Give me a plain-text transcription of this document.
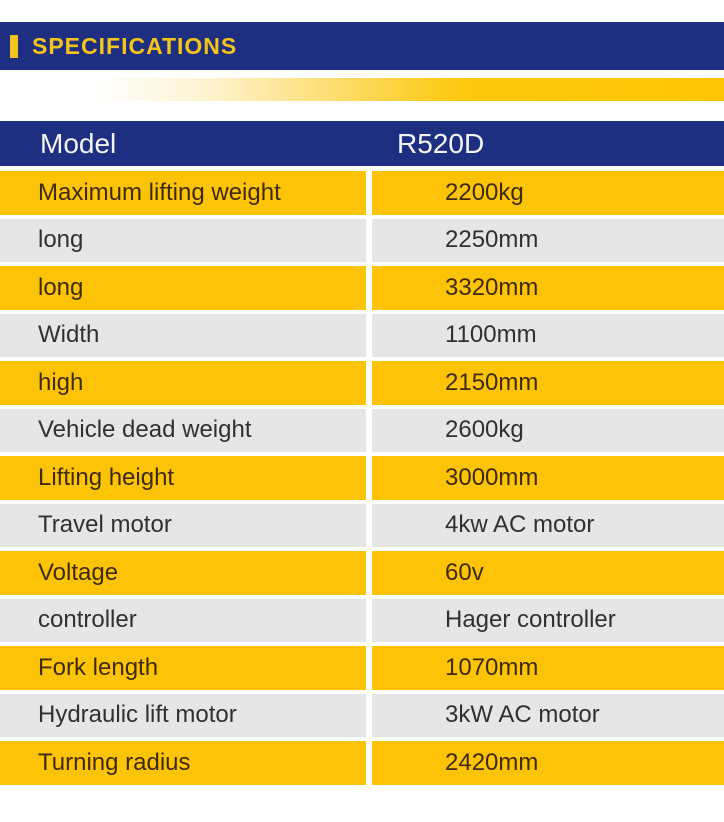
SPECIFICATIONS
Model	R520D
Maximum lifting weight	2200kg
long	2250mm
long	3320mm
Width	1100mm
high	2150mm
Vehicle dead weight	2600kg
Lifting height	3000mm
Travel motor	4kw AC motor
Voltage	60v
controller	Hager controller
Fork length	1070mm
Hydraulic lift motor	3kW AC motor
Turning radius	2420mm
